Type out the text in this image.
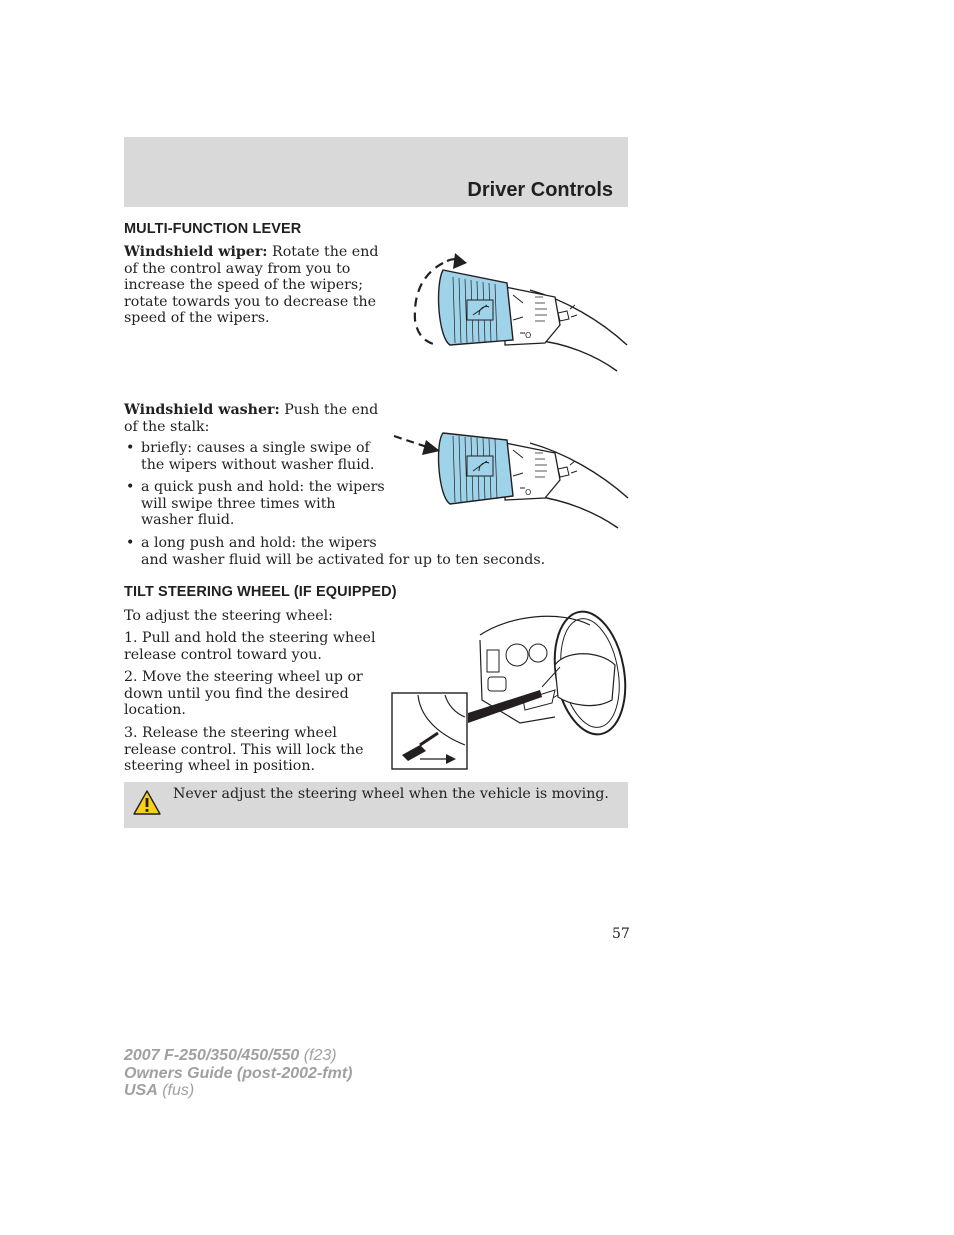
Driver Controls
MULTI-FUNCTION LEVER

Windshield wiper: Rotate the end
of the control away from you to
increase the speed of the wipers;
rotate towards you to decrease the
speed of the wipers.

O

Windshield washer: Push the end
of the stalk:

• briefly: causes a single swipe of
the wipers without washer fluid.
• a quick push and hold: the wipers
will swipe three times with
washer fluid.
• a long push and hold: the wipers
and washer fluid will be activated for up to ten seconds.
O
TILT STEERING WHEEL (IF EQUIPPED)

To adjust the steering wheel:

1. Pull and hold the steering wheel
release control toward you.

2. Move the steering wheel up or
down until you find the desired
location.

3. Release the steering wheel
release control. This will lock the
steering wheel in position.

Never adjust the steering wheel when the vehicle is moving.

57

2007 F-250/350/450/550 (f23)
Owners Guide (post-2002-fmt)
USA (fus)
